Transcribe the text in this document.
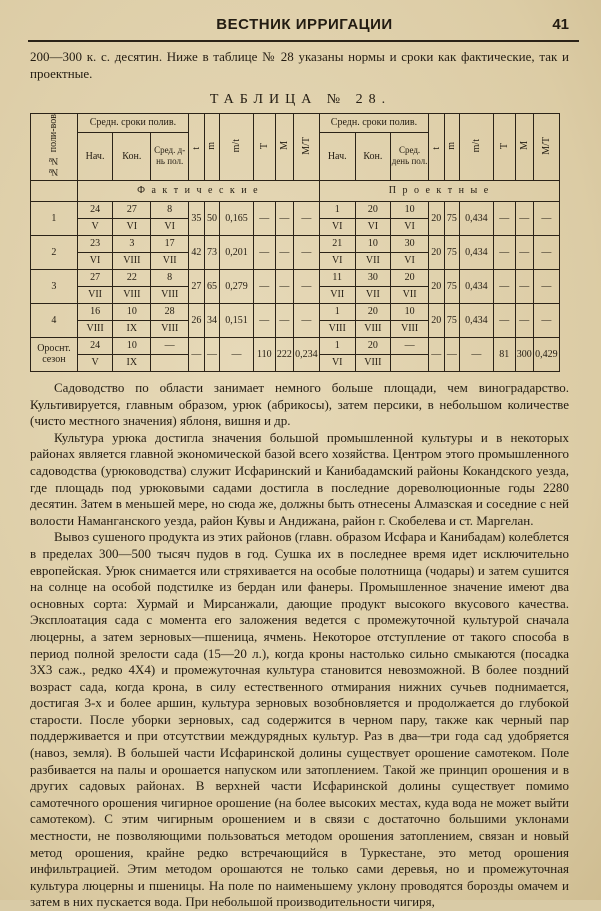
ВЕСТНИК ИРРИГАЦИИ	41

200—300 к. с. десятин. Ниже в таблице № 28 указаны нормы и сроки как фактические, так и проектные.

ТАБЛИЦА № 28.
№№ поли-вов	Средн. сроки полив.			t	m	m/t	T	M	M/T	Средн. сроки полив.			t	m	m/t	T	M	M/T
	Нач.	Кон.	Сред. д-нь пол.							Нач.	Кон.	Сред. день пол.						
	Ф а к т и ч е с к и е									П р о е к т н ы е								
1	24	27	8	35	50	0,165	—	—	—	1	20	10	20	75	0,434	—	—	—
	V	VI	VI							VI	VI	VI						
2	23	3	17	42	73	0,201	—	—	—	21	10	30	20	75	0,434	—	—	—
	VI	VIII	VII							VI	VII	VI						
3	27	22	8	27	65	0,279	—	—	—	11	30	20	20	75	0,434	—	—	—
	VII	VIII	VIII							VII	VII	VII						
4	16	10	28	26	34	0,151	—	—	—	1	20	10	20	75	0,434	—	—	—
	VIII	IX	VIII							VIII	VIII	VIII						
Ороснт. сезон	24	10	—	—	—	—	110	222	0,234	1	20	—	—	—	—	81	300	0,429
	V	IX								VI	VIII							

Садоводство по области занимает немного больше площади, чем виноградарство. Культивируется, главным образом, урюк (абрикосы), затем персики, в небольшом количестве (чисто местного значения) яблоня, вишня и др.

Культура урюка достигла значения большой промышленной культуры и в некоторых районах является главной экономической базой всего хозяйства. Центром этого промышленного садоводства (урюководства) служит Исфаринский и Канибадамский районы Кокандского уезда, где площадь под урюковыми садами достигла в последние дореволюционные годы 2280 десятин. Затем в меньшей мере, но сюда же, должны быть отнесены Алмазская и соседние с ней волости Наманганского уезда, район Кувы и Андижана, район г. Скобелева и ст. Маргелан.

Вывоз сушеного продукта из этих районов (главн. образом Исфара и Канибадам) колеблется в пределах 300—500 тысяч пудов в год. Сушка их в последнее время идет исключительно европейская. Урюк снимается или стряхивается на особые полотнища (чодары) и затем сушится на солнце на особой подстилке из бердан или фанеры. Промышленное значение имеют два основных сорта: Хурмай и Мирсанжали, дающие продукт высокого вкусового качества. Эксплоатация сада с момента его заложения ведется с промежуточной культурой сначала люцерны, а затем зерновых—пшеница, ячмень. Некоторое отступление от такого способа в период полной зрелости сада (15—20 л.), когда кроны настолько сильно смыкаются (посадка 3X3 саж., редко 4X4) и промежуточная культура становится невозможной. В более поздний возраст сада, когда крона, в силу естественного отмирания нижних сучьев поднимается, достигая 3-х и более аршин, культура зерновых возобновляется и продолжается до глубокой старости. После уборки зерновых, сад содержится в черном пару, также как черный пар поддерживается и при отсутствии междурядных культур. Раз в два—три года сад удобряется (навоз, земля). В большей части Исфаринской долины существует орошение самотеком. Поле разбивается на палы и орошается напуском или затоплением. Такой же принцип орошения и в других садовых районах. В верхней части Исфаринской долины существует помимо самотечного орошения чигирное орошение (на более высоких местах, куда вода не может выйти самотеком). С этим чигирным орошением и в связи с достаточно большими уклонами местности, не позволяющими пользоваться методом орошения затоплением, связан и новый метод орошения, крайне редко встречающийся в Туркестане, это метод орошения инфильтрацией. Этим методом орошаются не только сами деревья, но и промежуточная культура люцерны и пшеницы. На поле по наименьшему уклону проводятся борозды омачем и затем в них пускается вода. При небольшой производительности чигиря,
